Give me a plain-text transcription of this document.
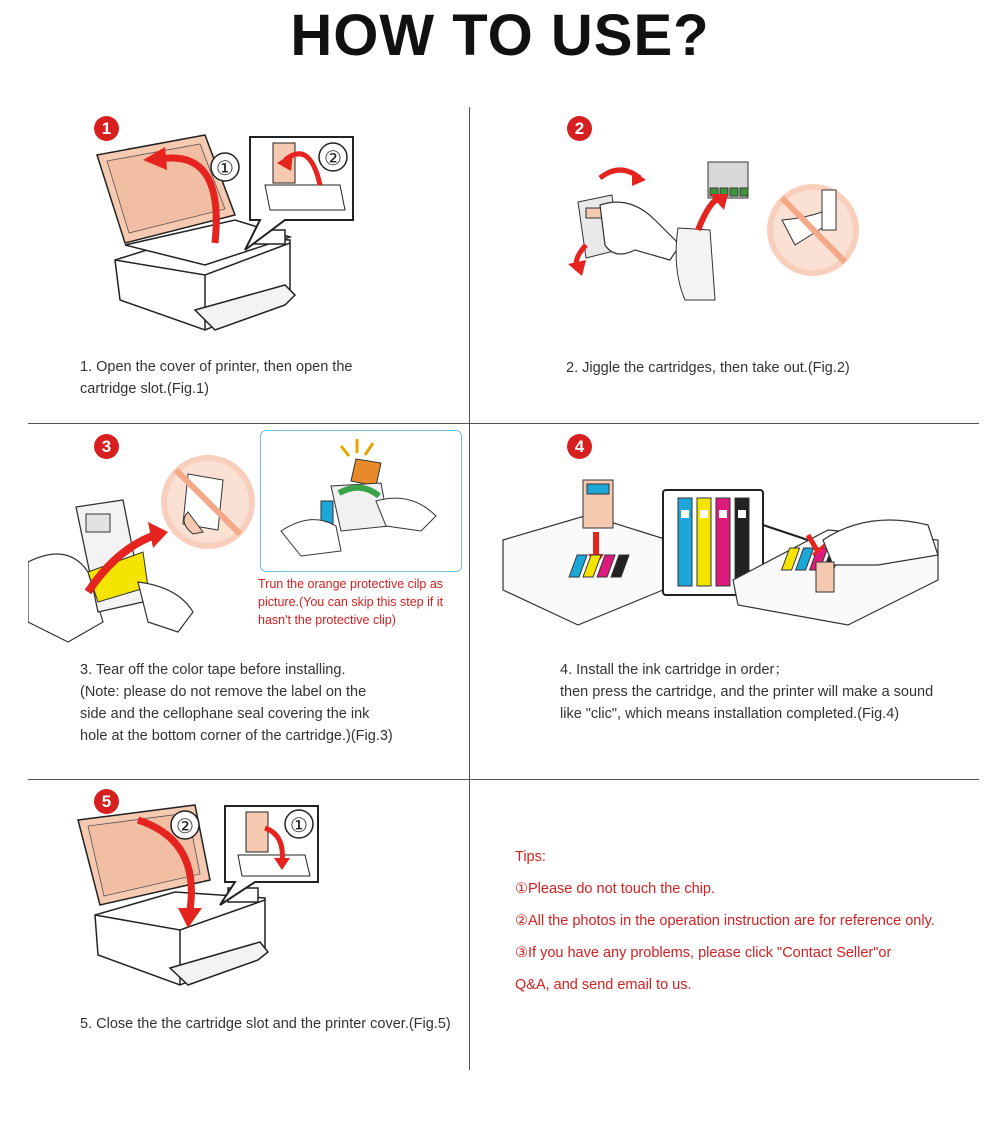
HOW TO USE?
1
①	②
1. Open the cover of printer, then open the
cartridge slot.(Fig.1)
2
2. Jiggle the cartridges, then take out.(Fig.2)
3
Trun the orange protective cilp as
picture.(You can skip this step if it
hasn't the protective clip)
3. Tear off the color tape before installing.
(Note: please do not remove the label on the
side and the cellophane seal covering the ink
hole at the bottom corner of the cartridge.)(Fig.3)
4
4. Install the ink cartridge in order；
then press the cartridge, and the printer will make a sound
like "clic", which means installation completed.(Fig.4)
5
②	①
5. Close the the cartridge slot and the printer cover.(Fig.5)
Tips:
①Please do not touch the chip.
②All the photos in the operation instruction are for reference only.
③If you have any problems, please click "Contact Seller"or
Q&A, and send email to us.
